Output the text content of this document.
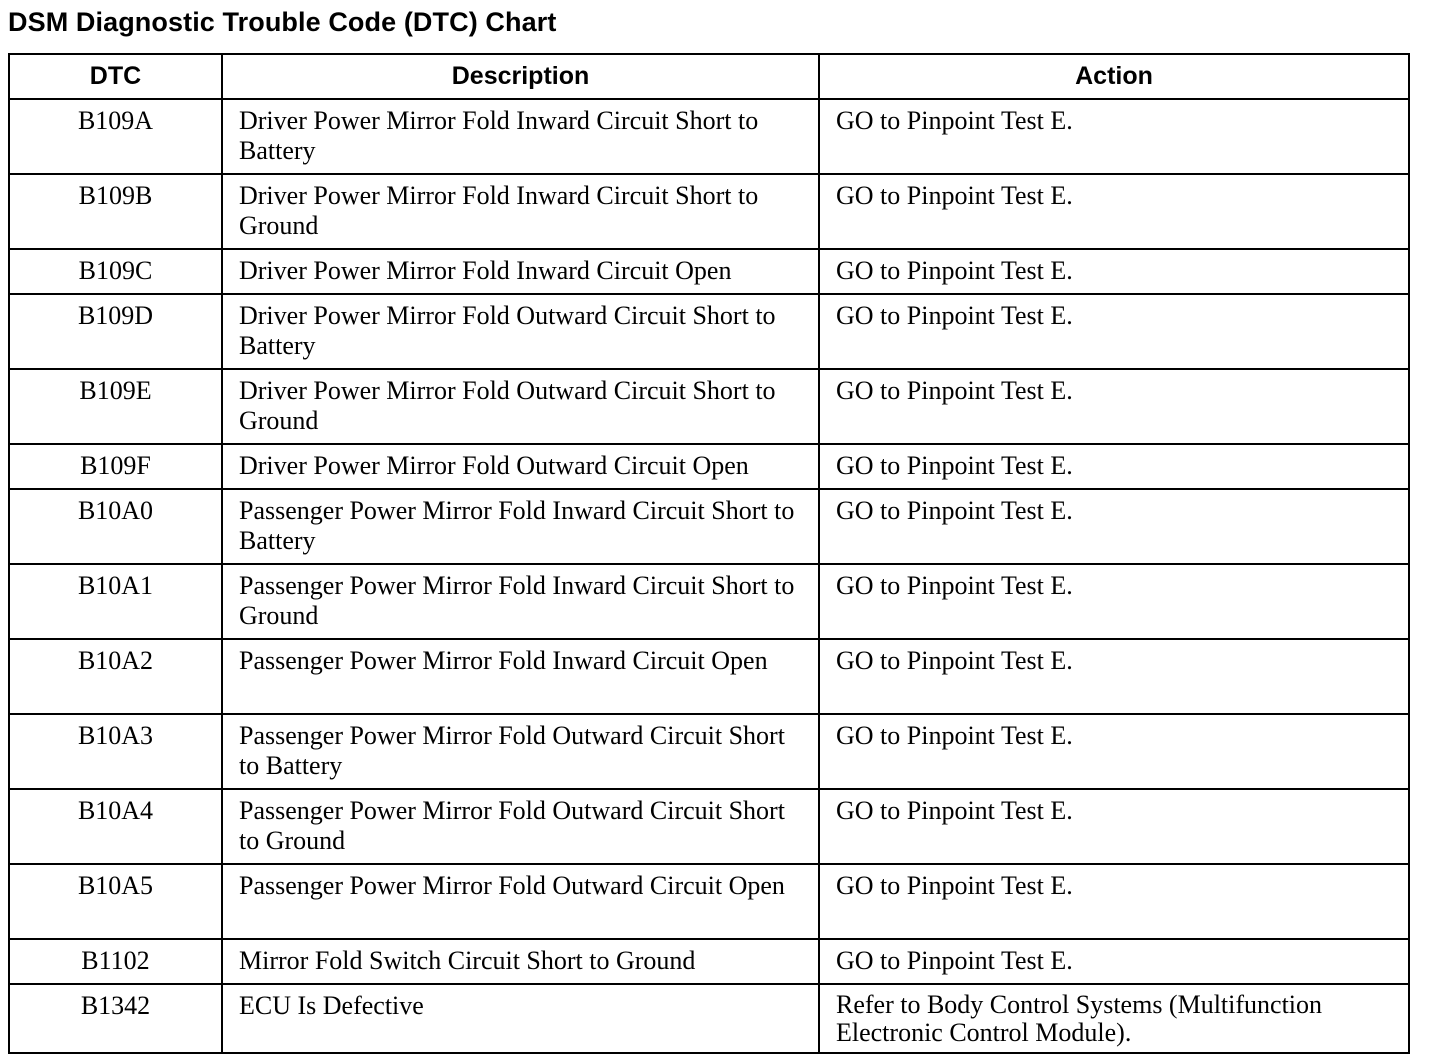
DSM Diagnostic Trouble Code (DTC) Chart
DTC	Description	Action
B109A	Driver Power Mirror Fold Inward Circuit Short to Battery	GO to Pinpoint Test E.
B109B	Driver Power Mirror Fold Inward Circuit Short to Ground	GO to Pinpoint Test E.
B109C	Driver Power Mirror Fold Inward Circuit Open	GO to Pinpoint Test E.
B109D	Driver Power Mirror Fold Outward Circuit Short to Battery	GO to Pinpoint Test E.
B109E	Driver Power Mirror Fold Outward Circuit Short to Ground	GO to Pinpoint Test E.
B109F	Driver Power Mirror Fold Outward Circuit Open	GO to Pinpoint Test E.
B10A0	Passenger Power Mirror Fold Inward Circuit Short to Battery	GO to Pinpoint Test E.
B10A1	Passenger Power Mirror Fold Inward Circuit Short to Ground	GO to Pinpoint Test E.
B10A2	Passenger Power Mirror Fold Inward Circuit Open	GO to Pinpoint Test E.
B10A3	Passenger Power Mirror Fold Outward Circuit Short to Battery	GO to Pinpoint Test E.
B10A4	Passenger Power Mirror Fold Outward Circuit Short to Ground	GO to Pinpoint Test E.
B10A5	Passenger Power Mirror Fold Outward Circuit Open	GO to Pinpoint Test E.
B1102	Mirror Fold Switch Circuit Short to Ground	GO to Pinpoint Test E.
B1342	ECU Is Defective	Refer to Body Control Systems (Multifunction Electronic Control Module).
